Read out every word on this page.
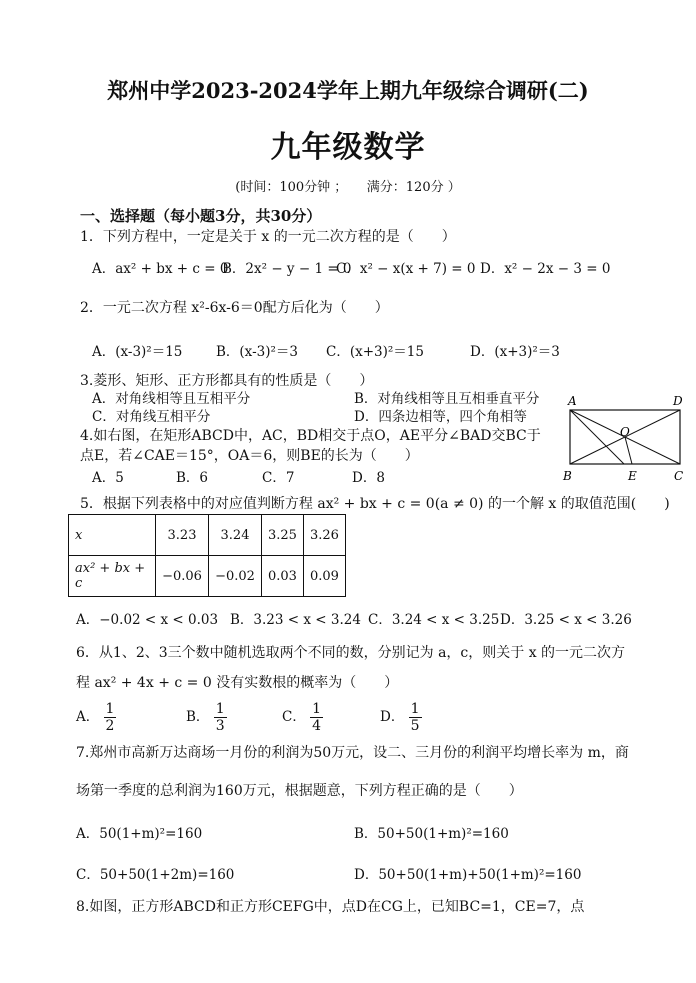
郑州中学2023-2024学年上期九年级综合调研(二)
九年级数学
(时间：100分钟 ；　　满分：120分 ）
一、选择题（每小题3分，共30分）
1．下列方程中，一定是关于 x 的一元二次方程的是（　　）
A．ax² + bx + c = 0
B．2x² − y − 1 = 0
C．x² − x(x + 7) = 0 D．x² − 2x − 3 = 0
2．一元二次方程 x²-6x-6＝0配方后化为（　　）
A．(x-3)²＝15 B．(x-3)²＝3 C．(x+3)²＝15	D．(x+3)²＝3
3.菱形、矩形、正方形都具有的性质是（　　）
A．对角线相等且互相平分	B．对角线相等且互相垂直平分
C．对角线互相平分	D．四条边相等，四个角相等
4.如右图，在矩形ABCD中，AC，BD相交于点O，AE平分∠BAD交BC于
点E，若∠CAE＝15°，OA＝6，则BE的长为（　　）
A．5	B．6	C．7	D．8
A	D
O
B	E	C
5．根据下列表格中的对应值判断方程 ax² + bx + c = 0(a ≠ 0) 的一个解 x 的取值范围(　　)
x	3.23	3.24	3.25	3.26
ax² + bx + c	−0.06	−0.02	0.03	0.09
A．−0.02 < x < 0.03 B．3.23 < x < 3.24 C．3.24 < x < 3.25 D．3.25 < x < 3.26
6．从1、2、3三个数中随机选取两个不同的数，分别记为 a，c，则关于 x 的一元二次方
程 ax² + 4x + c = 0 没有实数根的概率为（　　）
A． $\frac{1}{2}$	B． $\frac{1}{3}$	C． $\frac{1}{4}$	D． $\frac{1}{5}$
7.郑州市高新万达商场一月份的利润为50万元，设二、三月份的利润平均增长率为 m，商
场第一季度的总利润为160万元，根据题意，下列方程正确的是（　　）
A．50(1+m)²=160	B．50+50(1+m)²=160
C．50+50(1+2m)=160	D．50+50(1+m)+50(1+m)²=160
8.如图，正方形ABCD和正方形CEFG中，点D在CG上，已知BC=1，CE=7，点
